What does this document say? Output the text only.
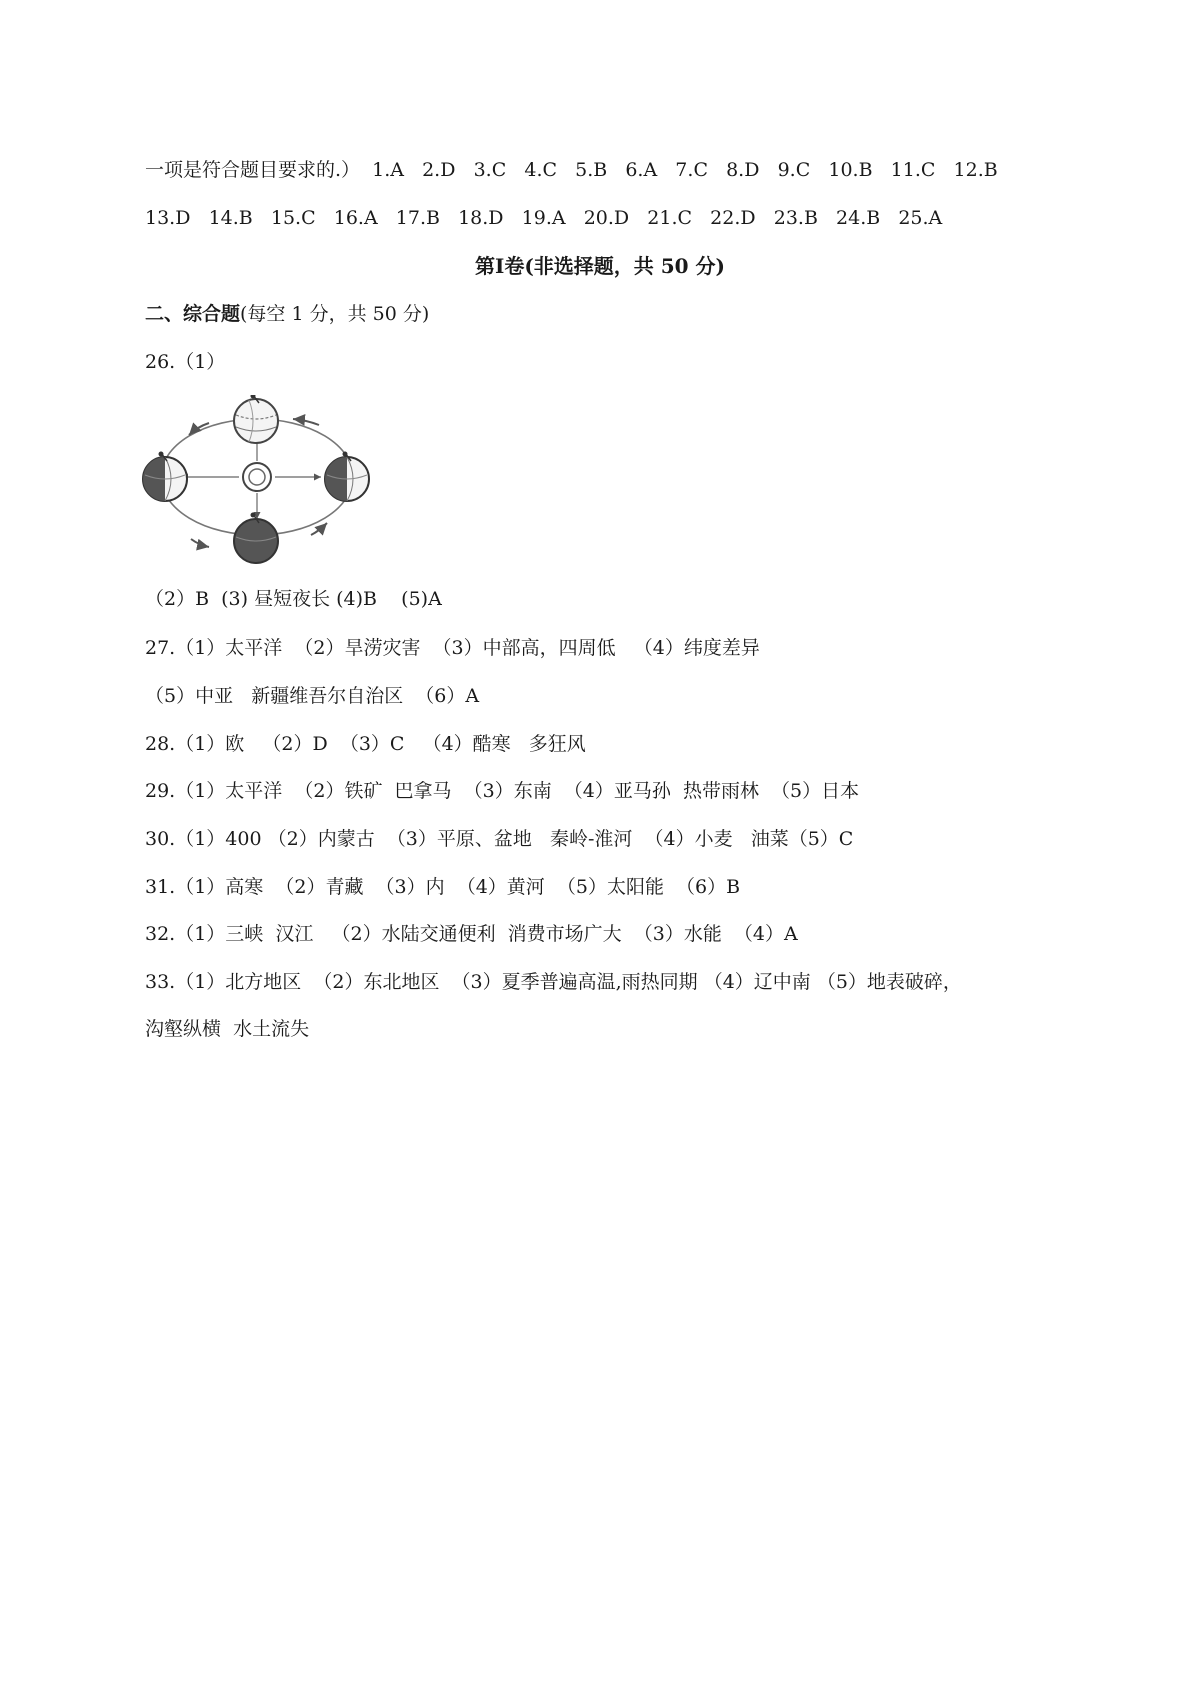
一项是符合题目要求的.）  1.A   2.D   3.C   4.C   5.B   6.A   7.C   8.D   9.C   10.B   11.C   12.B
13.D   14.B   15.C   16.A   17.B   18.D   19.A   20.D   21.C   22.D   23.B   24.B   25.A
第Ⅰ卷(非选择题，共 50 分)
二、综合题(每空 1 分，共 50 分)
26.（1）
（2）B  (3) 昼短夜长 (4)B    (5)A
27.（1）太平洋  （2）旱涝灾害  （3）中部高，四周低   （4）纬度差异
（5）中亚   新疆维吾尔自治区  （6）A
28.（1）欧   （2）D  （3）C   （4）酷寒   多狂风
29.（1）太平洋  （2）铁矿  巴拿马  （3）东南  （4）亚马孙  热带雨林  （5）日本
30.（1）400 （2）内蒙古  （3）平原、盆地   秦岭-淮河  （4）小麦   油菜（5）C
31.（1）高寒  （2）青藏  （3）内  （4）黄河  （5）太阳能  （6）B
32.（1）三峡  汉江   （2）水陆交通便利  消费市场广大  （3）水能  （4）A
33.（1）北方地区  （2）东北地区  （3）夏季普遍高温,雨热同期 （4）辽中南 （5）地表破碎，
沟壑纵横  水土流失
